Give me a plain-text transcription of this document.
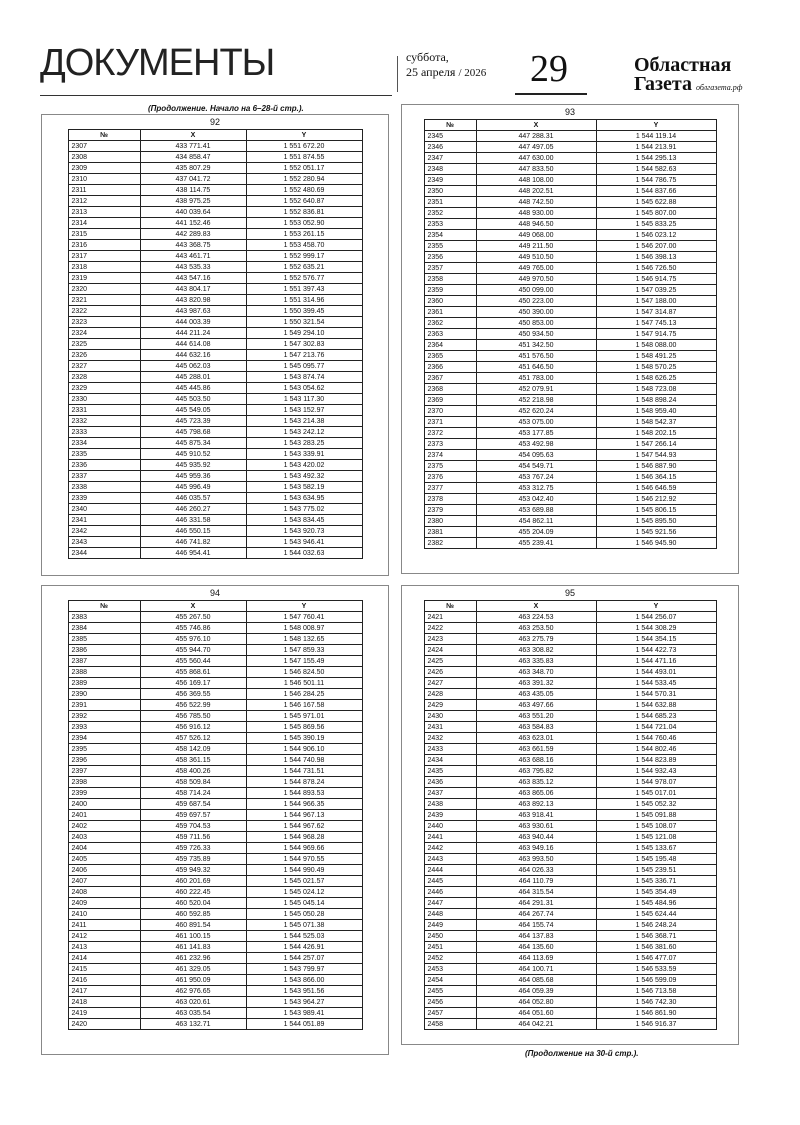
ДОКУМЕНТЫ	суббота,
25 апреля / 2026 29	Областная
Газета облгазета.рф
(Продолжение. Начало на 6–28-й стр.).
92
№	X	Y
2307	433 771.41	1 551 672.20
2308	434 858.47	1 551 874.55
2309	435 807.29	1 552 051.17
2310	437 041.72	1 552 280.94
2311	438 114.75	1 552 480.69
2312	438 975.25	1 552 640.87
2313	440 039.64	1 552 836.81
2314	441 152.46	1 553 052.90
2315	442 289.83	1 553 261.15
2316	443 368.75	1 553 458.70
2317	443 461.71	1 552 999.17
2318	443 535.33	1 552 635.21
2319	443 547.16	1 552 576.77
2320	443 804.17	1 551 397.43
2321	443 820.98	1 551 314.96
2322	443 987.63	1 550 399.45
2323	444 003.39	1 550 321.54
2324	444 211.24	1 549 294.10
2325	444 614.08	1 547 302.83
2326	444 632.16	1 547 213.76
2327	445 062.03	1 545 095.77
2328	445 288.01	1 543 874.74
2329	445 445.86	1 543 054.62
2330	445 503.50	1 543 117.30
2331	445 549.05	1 543 152.97
2332	445 723.39	1 543 214.38
2333	445 798.68	1 543 242.12
2334	445 875.34	1 543 283.25
2335	445 910.52	1 543 339.91
2336	445 935.92	1 543 420.02
2337	445 959.36	1 543 492.32
2338	445 996.49	1 543 582.19
2339	446 035.57	1 543 634.95
2340	446 260.27	1 543 775.02
2341	446 331.58	1 543 834.45
2342	446 550.15	1 543 920.73
2343	446 741.82	1 543 946.41
2344	446 954.41	1 544 032.63
93
№	X	Y
2345	447 288.31	1 544 119.14
2346	447 497.05	1 544 213.91
2347	447 630.00	1 544 295.13
2348	447 833.50	1 544 582.63
2349	448 108.00	1 544 786.75
2350	448 202.51	1 544 837.66
2351	448 742.50	1 545 622.88
2352	448 930.00	1 545 807.00
2353	448 946.50	1 545 833.25
2354	449 068.00	1 546 023.12
2355	449 211.50	1 546 207.00
2356	449 510.50	1 546 398.13
2357	449 765.00	1 546 726.50
2358	449 970.50	1 546 914.75
2359	450 099.00	1 547 039.25
2360	450 223.00	1 547 188.00
2361	450 390.00	1 547 314.87
2362	450 853.00	1 547 745.13
2363	450 934.50	1 547 914.75
2364	451 342.50	1 548 088.00
2365	451 576.50	1 548 491.25
2366	451 646.50	1 548 570.25
2367	451 783.00	1 548 626.25
2368	452 079.91	1 548 723.08
2369	452 218.98	1 548 898.24
2370	452 620.24	1 548 959.40
2371	453 075.00	1 548 542.37
2372	453 177.85	1 548 202.15
2373	453 492.98	1 547 266.14
2374	454 095.63	1 547 544.93
2375	454 549.71	1 546 887.90
2376	453 767.24	1 546 364.15
2377	453 312.75	1 546 646.59
2378	453 042.40	1 546 212.92
2379	453 689.88	1 545 806.15
2380	454 862.11	1 545 895.50
2381	455 204.09	1 545 921.56
2382	455 239.41	1 546 945.90
94
№	X	Y
2383	455 267.50	1 547 760.41
2384	455 746.86	1 548 008.97
2385	455 976.10	1 548 132.65
2386	455 944.70	1 547 859.33
2387	455 560.44	1 547 155.49
2388	455 868.61	1 546 824.50
2389	456 169.17	1 546 501.11
2390	456 369.55	1 546 284.25
2391	456 522.99	1 546 167.58
2392	456 785.50	1 545 971.01
2393	456 916.12	1 545 869.56
2394	457 526.12	1 545 390.19
2395	458 142.09	1 544 906.10
2396	458 361.15	1 544 740.98
2397	458 400.26	1 544 731.51
2398	458 509.84	1 544 878.24
2399	458 714.24	1 544 893.53
2400	459 687.54	1 544 966.35
2401	459 697.57	1 544 967.13
2402	459 704.53	1 544 967.62
2403	459 711.56	1 544 968.28
2404	459 726.33	1 544 969.66
2405	459 735.89	1 544 970.55
2406	459 949.32	1 544 990.49
2407	460 201.69	1 545 021.57
2408	460 222.45	1 545 024.12
2409	460 520.04	1 545 045.14
2410	460 592.85	1 545 050.28
2411	460 891.54	1 545 071.38
2412	461 100.15	1 544 525.03
2413	461 141.83	1 544 426.91
2414	461 232.96	1 544 257.07
2415	461 329.05	1 543 799.97
2416	461 950.09	1 543 866.00
2417	462 976.65	1 543 951.56
2418	463 020.61	1 543 964.27
2419	463 035.54	1 543 989.41
2420	463 132.71	1 544 051.89
95
№	X	Y
2421	463 224.53	1 544 256.07
2422	463 253.50	1 544 308.29
2423	463 275.79	1 544 354.15
2424	463 308.82	1 544 422.73
2425	463 335.83	1 544 471.16
2426	463 348.70	1 544 493.01
2427	463 391.32	1 544 533.45
2428	463 435.05	1 544 570.31
2429	463 497.66	1 544 632.88
2430	463 551.20	1 544 685.23
2431	463 584.83	1 544 721.04
2432	463 623.01	1 544 760.46
2433	463 661.59	1 544 802.46
2434	463 688.16	1 544 823.89
2435	463 795.82	1 544 932.43
2436	463 835.12	1 544 978.07
2437	463 865.06	1 545 017.01
2438	463 892.13	1 545 052.32
2439	463 918.41	1 545 091.88
2440	463 930.61	1 545 108.07
2441	463 940.44	1 545 121.08
2442	463 949.16	1 545 133.67
2443	463 993.50	1 545 195.48
2444	464 026.33	1 545 239.51
2445	464 110.79	1 545 336.71
2446	464 315.54	1 545 354.49
2447	464 291.31	1 545 484.96
2448	464 267.74	1 545 624.44
2449	464 155.74	1 546 248.24
2450	464 137.83	1 546 368.71
2451	464 135.60	1 546 381.60
2452	464 113.69	1 546 477.07
2453	464 100.71	1 546 533.59
2454	464 085.68	1 546 599.09
2455	464 059.39	1 546 713.58
2456	464 052.80	1 546 742.30
2457	464 051.60	1 546 861.90
2458	464 042.21	1 546 916.37
(Продолжение на 30-й стр.).
